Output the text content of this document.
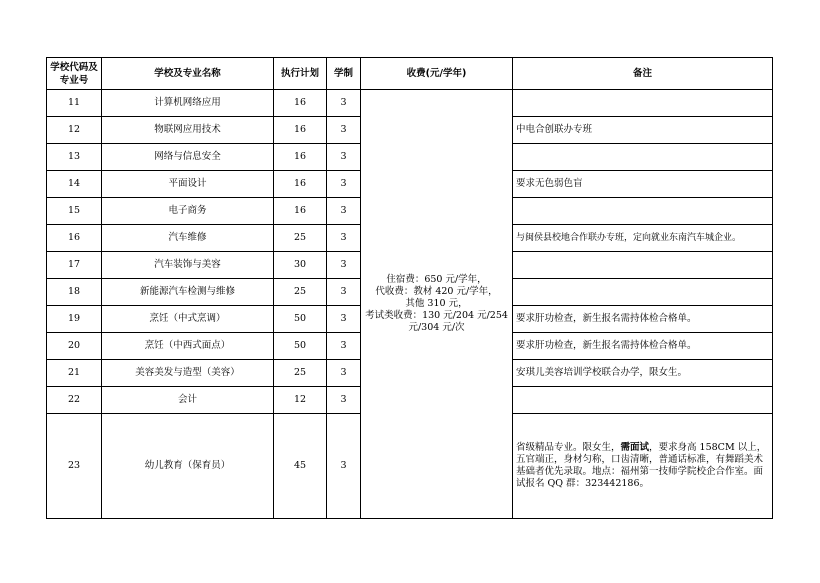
学校代码及专业号	学校及专业名称	执行计划	学制	收费(元/学年)	备注
11	计算机网络应用	16	3	住宿费：650 元/学年，
代收费：教材 420 元/学年，
其他 310 元，
考试类收费：130 元/204 元/254
元/304 元/次	

12	物联网应用技术	16	3		中电合创联办专班
13	网络与信息安全	16	3		
14	平面设计	16	3		要求无色弱色盲
15	电子商务	16	3		
16	汽车维修	25	3		与闽侯县校地合作联办专班，定向就业东南汽车城企业。
17	汽车装饰与美容	30	3		
18	新能源汽车检测与维修	25	3		
19	烹饪（中式烹调）	50	3		要求肝功检查，新生报名需持体检合格单。
20	烹饪（中西式面点）	50	3		要求肝功检查，新生报名需持体检合格单。
21	美容美发与造型（美容）	25	3		安琪儿美容培训学校联合办学，限女生。
22	会计	12	3		
23	幼儿教育（保育员）	45	3		省级精品专业。限女生，需面试，要求身高 158CM 以上，五官端正，身材匀称，口齿清晰，普通话标准，有舞蹈美术基础者优先录取。地点：福州第一技师学院校企合作室。面试报名 QQ 群：323442186。
